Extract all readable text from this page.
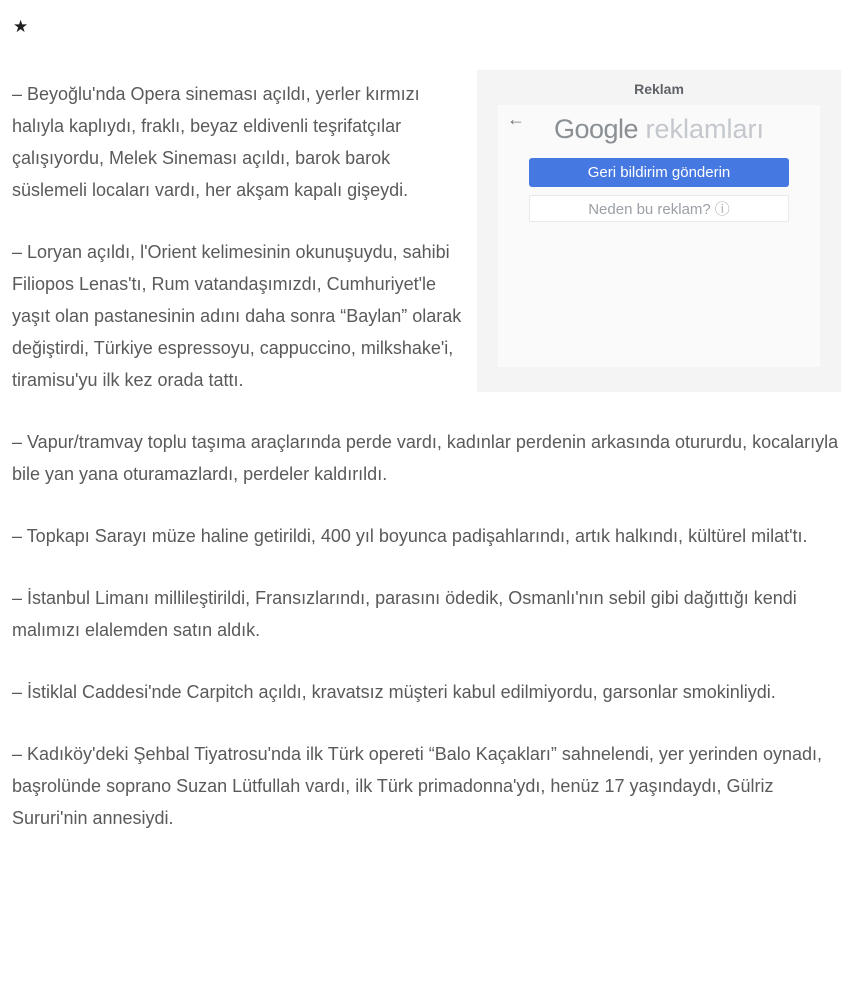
★
Reklam
←	Google reklamları
Geri bildirim gönderin
Neden bu reklam? ⓘ

– Beyoğlu'nda Opera sineması açıldı, yerler kırmızı halıyla kaplıydı, fraklı, beyaz eldivenli teşrifatçılar çalışıyordu, Melek Sineması açıldı, barok barok süslemeli locaları vardı, her akşam kapalı gişeydi.

– Loryan açıldı, l'Orient kelimesinin okunuşuydu, sahibi Filiopos Lenas'tı, Rum vatandaşımızdı, Cumhuriyet'le yaşıt olan pastanesinin adını daha sonra “Baylan” olarak değiştirdi, Türkiye espressoyu, cappuccino, milkshake'i, tiramisu'yu ilk kez orada tattı.

– Vapur/tramvay toplu taşıma araçlarında perde vardı, kadınlar perdenin arkasında otururdu, kocalarıyla bile yan yana oturamazlardı, perdeler kaldırıldı.

– Topkapı Sarayı müze haline getirildi, 400 yıl boyunca padişahlarındı, artık halkındı, kültürel milat'tı.

– İstanbul Limanı millileştirildi, Fransızlarındı, parasını ödedik, Osmanlı'nın sebil gibi dağıttığı kendi malımızı elalemden satın aldık.

– İstiklal Caddesi'nde Carpitch açıldı, kravatsız müşteri kabul edilmiyordu, garsonlar smokinliydi.

– Kadıköy'deki Şehbal Tiyatrosu'nda ilk Türk opereti “Balo Kaçakları” sahnelendi, yer yerinden oynadı, başrolünde soprano Suzan Lütfullah vardı, ilk Türk primadonna'ydı, henüz 17 yaşındaydı, Gülriz Sururi'nin annesiydi.
